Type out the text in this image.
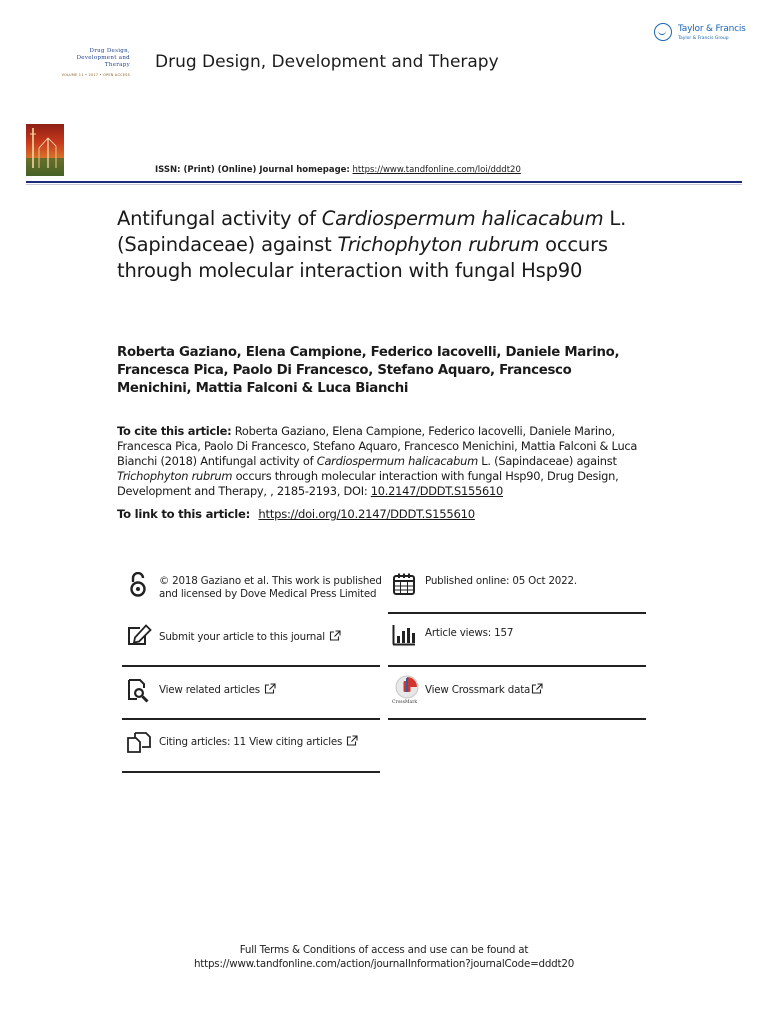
Drug Design,
Development and
Therapy
VOLUME 11 • 2017 • OPEN ACCESS
Drug Design, Development and Therapy
Taylor & Francis
Taylor & Francis Group
ISSN: (Print) (Online) Journal homepage: https://www.tandfonline.com/loi/dddt20
Antifungal activity of Cardiospermum halicacabum L. (Sapindaceae) against Trichophyton rubrum occurs through molecular interaction with fungal Hsp90
Roberta Gaziano, Elena Campione, Federico Iacovelli, Daniele Marino, Francesca Pica, Paolo Di Francesco, Stefano Aquaro, Francesco Menichini, Mattia Falconi & Luca Bianchi
To cite this article: Roberta Gaziano, Elena Campione, Federico Iacovelli, Daniele Marino, Francesca Pica, Paolo Di Francesco, Stefano Aquaro, Francesco Menichini, Mattia Falconi & Luca Bianchi (2018) Antifungal activity of Cardiospermum halicacabum L. (Sapindaceae) against Trichophyton rubrum occurs through molecular interaction with fungal Hsp90, Drug Design, Development and Therapy, , 2185-2193, DOI: 10.2147/DDDT.S155610
To link to this article: https://doi.org/10.2147/DDDT.S155610
© 2018 Gaziano et al. This work is published and licensed by Dove Medical Press Limited
Published online: 05 Oct 2022.
Submit your article to this journal	Article views: 157
View related articles
CrossMark
View Crossmark data
Citing articles: 11 View citing articles
Full Terms & Conditions of access and use can be found at
https://www.tandfonline.com/action/journalInformation?journalCode=dddt20
